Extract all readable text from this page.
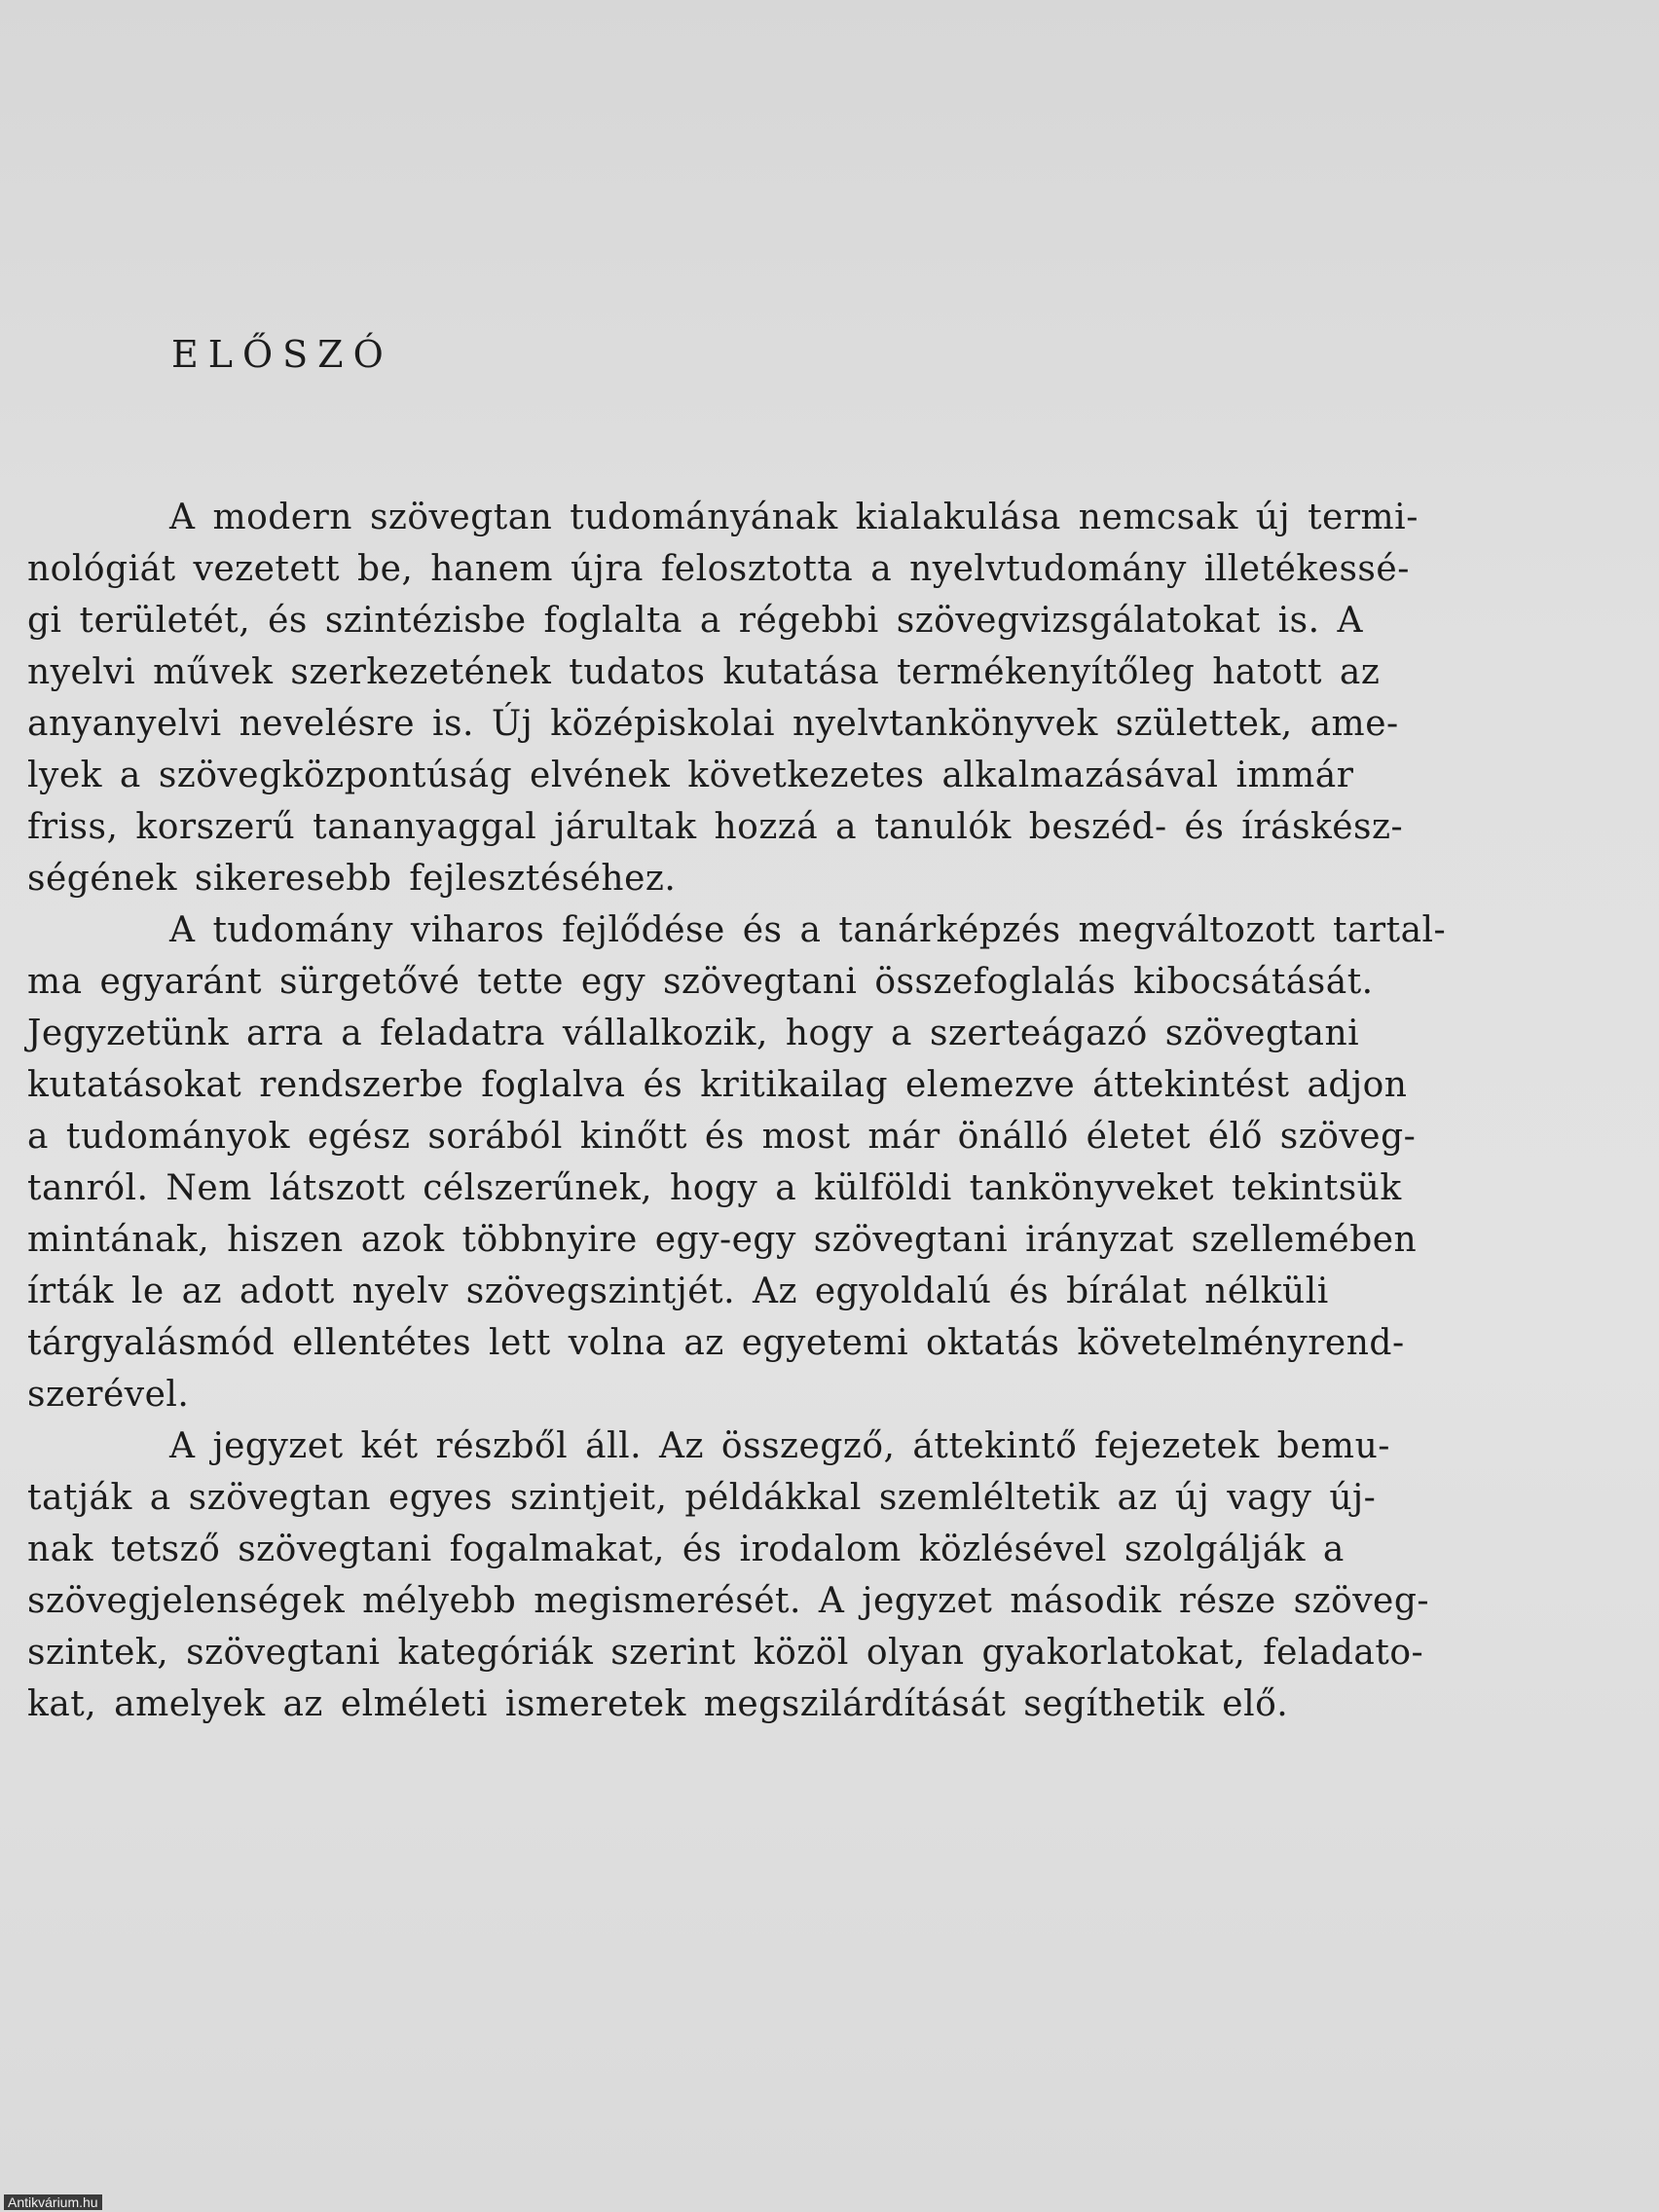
ELŐSZÓ
A modern szövegtan tudományának kialakulása nemcsak új termi-
nológiát vezetett be, hanem újra felosztotta a nyelvtudomány illetékessé-
gi területét, és szintézisbe foglalta a régebbi szövegvizsgálatokat is. A
nyelvi művek szerkezetének tudatos kutatása termékenyítőleg hatott az
anyanyelvi nevelésre is. Új középiskolai nyelvtankönyvek születtek, ame-
lyek a szövegközpontúság elvének következetes alkalmazásával immár
friss, korszerű tananyaggal járultak hozzá a tanulók beszéd- és íráskész-
ségének sikeresebb fejlesztéséhez.
A tudomány viharos fejlődése és a tanárképzés megváltozott tartal-
ma egyaránt sürgetővé tette egy szövegtani összefoglalás kibocsátását.
Jegyzetünk arra a feladatra vállalkozik, hogy a szerteágazó szövegtani
kutatásokat rendszerbe foglalva és kritikailag elemezve áttekintést adjon
a tudományok egész sorából kinőtt és most már önálló életet élő szöveg-
tanról. Nem látszott célszerűnek, hogy a külföldi tankönyveket tekintsük
mintának, hiszen azok többnyire egy-egy szövegtani irányzat szellemében
írták le az adott nyelv szövegszintjét. Az egyoldalú és bírálat nélküli
tárgyalásmód ellentétes lett volna az egyetemi oktatás követelményrend-
szerével.
A jegyzet két részből áll. Az összegző, áttekintő fejezetek bemu-
tatják a szövegtan egyes szintjeit, példákkal szemléltetik az új vagy új-
nak tetsző szövegtani fogalmakat, és irodalom közlésével szolgálják a
szövegjelenségek mélyebb megismerését. A jegyzet második része szöveg-
szintek, szövegtani kategóriák szerint közöl olyan gyakorlatokat, feladato-
kat, amelyek az elméleti ismeretek megszilárdítását segíthetik elő.
Antikvárium.hu
